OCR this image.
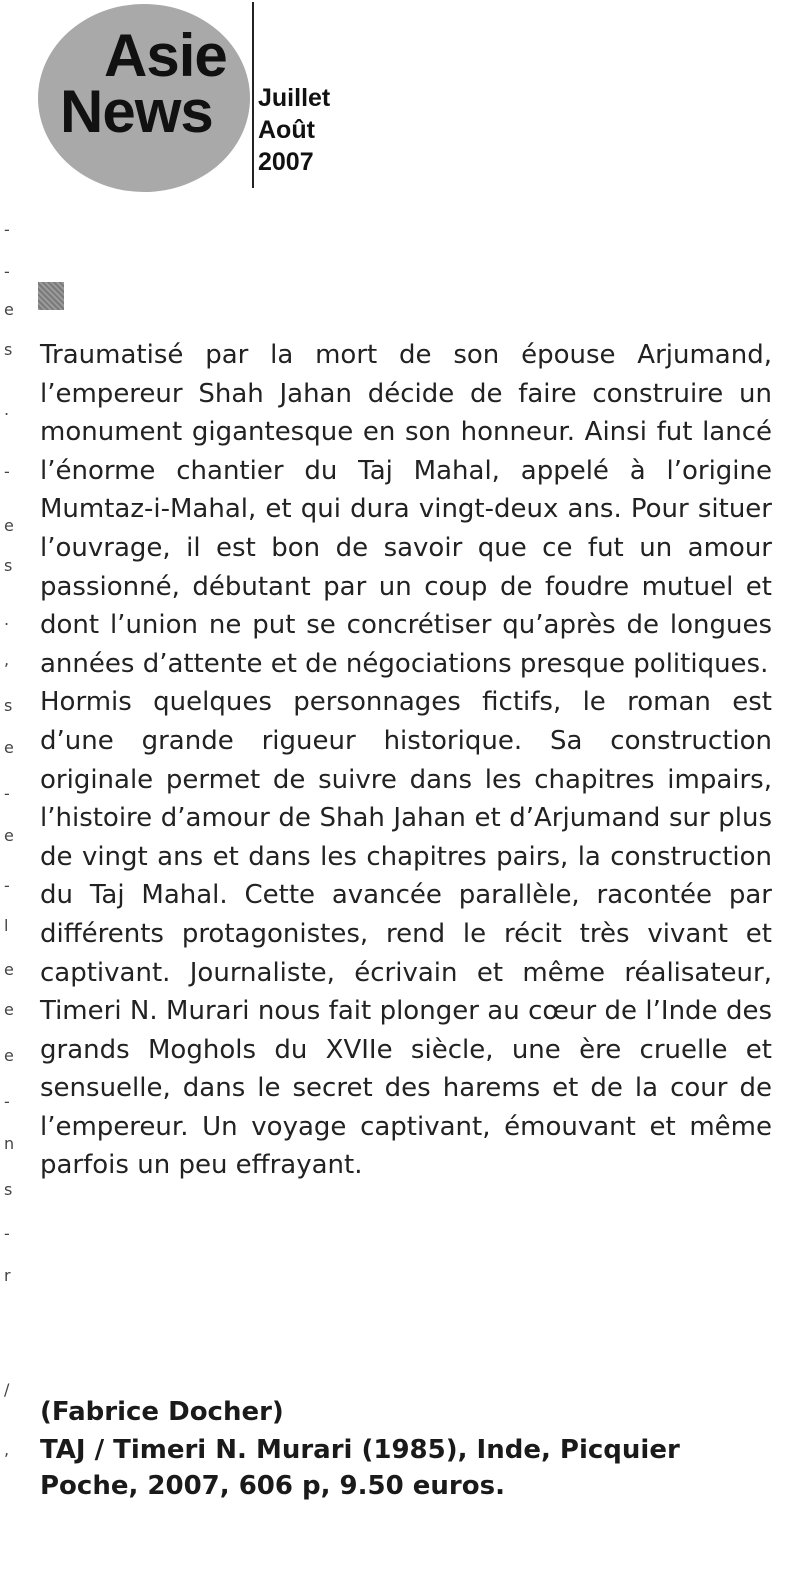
Asie
News Juillet
Août
2007
-
-
e
s
.
-
e
s
.
,
s
e
-
e
-
l
e
e
e
-
n
s
-
r
/
,

Traumatisé par la mort de son épouse Arjumand, l’empereur Shah Jahan décide de faire construire un monument gigantesque en son honneur. Ainsi fut lancé l’énorme chantier du Taj Mahal, appelé à l’origine Mumtaz-i-Mahal, et qui dura vingt-deux ans. Pour situer l’ouvrage, il est bon de savoir que ce fut un amour passionné, débutant par un coup de foudre mutuel et dont l’union ne put se concrétiser qu’après de longues années d’attente et de négociations presque politiques.

Hormis quelques personnages fictifs, le roman est d’une grande rigueur historique. Sa construction originale permet de suivre dans les chapitres impairs, l’histoire d’amour de Shah Jahan et d’Arjumand sur plus de vingt ans et dans les chapitres pairs, la construction du Taj Mahal. Cette avancée parallèle, racontée par différents protagonistes, rend le récit très vivant et captivant. Journaliste, écrivain et même réalisateur, Timeri N. Murari nous fait plonger au cœur de l’Inde des grands Moghols du XVIIe siècle, une ère cruelle et sensuelle, dans le secret des harems et de la cour de l’empereur. Un voyage captivant, émouvant et même parfois un peu effrayant.

(Fabrice Docher)
TAJ / Timeri N. Murari (1985), Inde, Picquier
Poche, 2007, 606 p, 9.50 euros.
